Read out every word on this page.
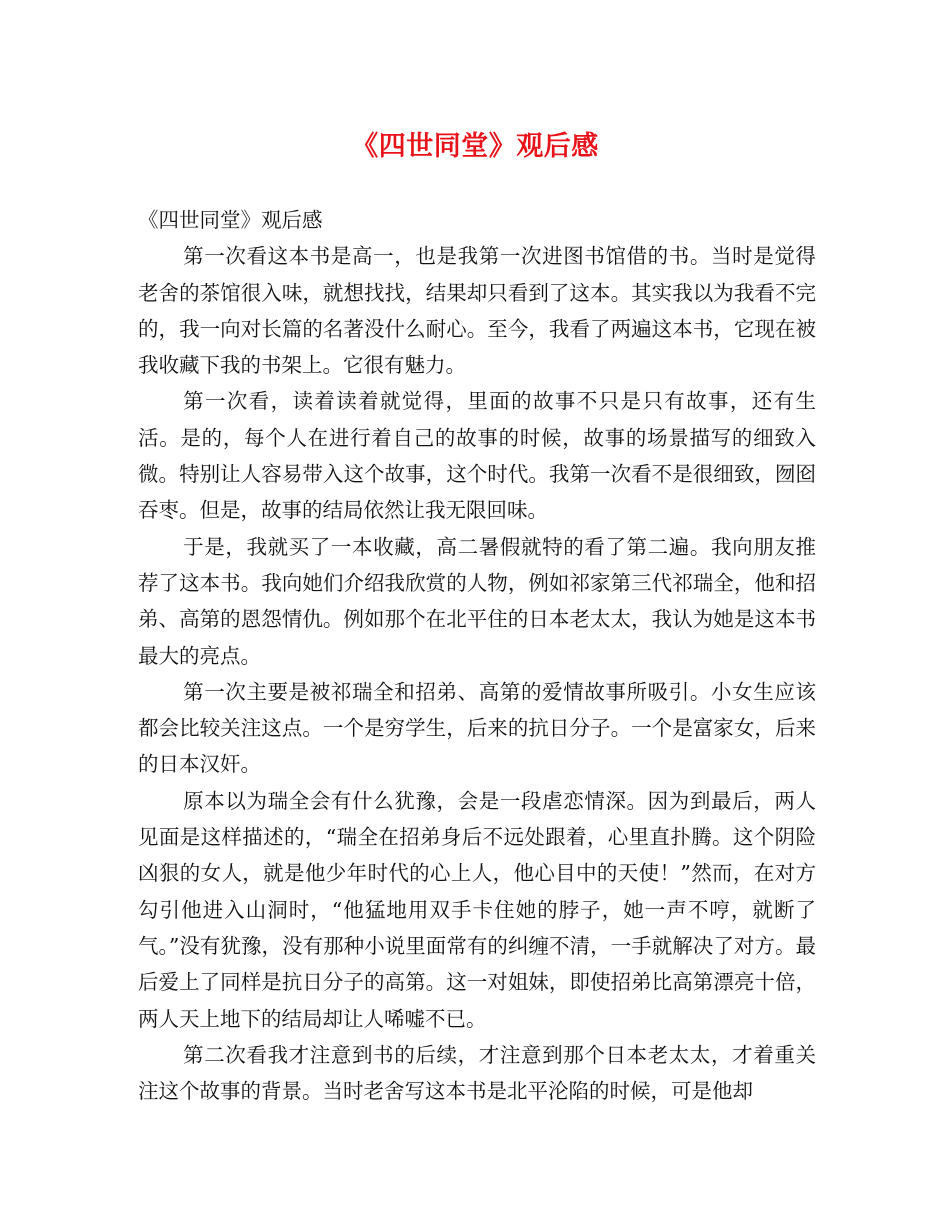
《四世同堂》观后感

《四世同堂》观后感

第一次看这本书是高一，也是我第一次进图书馆借的书。当时是觉得老舍的茶馆很入味，就想找找，结果却只看到了这本。其实我以为我看不完的，我一向对长篇的名著没什么耐心。至今，我看了两遍这本书，它现在被我收藏下我的书架上。它很有魅力。

第一次看，读着读着就觉得，里面的故事不只是只有故事，还有生活。是的，每个人在进行着自己的故事的时候，故事的场景描写的细致入微。特别让人容易带入这个故事，这个时代。我第一次看不是很细致，囫囵吞枣。但是，故事的结局依然让我无限回味。

于是，我就买了一本收藏，高二暑假就特的看了第二遍。我向朋友推荐了这本书。我向她们介绍我欣赏的人物，例如祁家第三代祁瑞全，他和招弟、高第的恩怨情仇。例如那个在北平住的日本老太太，我认为她是这本书最大的亮点。

第一次主要是被祁瑞全和招弟、高第的爱情故事所吸引。小女生应该都会比较关注这点。一个是穷学生，后来的抗日分子。一个是富家女，后来的日本汉奸。

原本以为瑞全会有什么犹豫，会是一段虐恋情深。因为到最后，两人见面是这样描述的，“瑞全在招弟身后不远处跟着，心里直扑腾。这个阴险凶狠的女人，就是他少年时代的心上人，他心目中的天使！”然而，在对方勾引他进入山洞时，“他猛地用双手卡住她的脖子，她一声不哼，就断了气。”没有犹豫，没有那种小说里面常有的纠缠不清，一手就解决了对方。最后爱上了同样是抗日分子的高第。这一对姐妹，即使招弟比高第漂亮十倍，两人天上地下的结局却让人唏嘘不已。

第二次看我才注意到书的后续，才注意到那个日本老太太，才着重关注这个故事的背景。当时老舍写这本书是北平沦陷的时候，可是他却
